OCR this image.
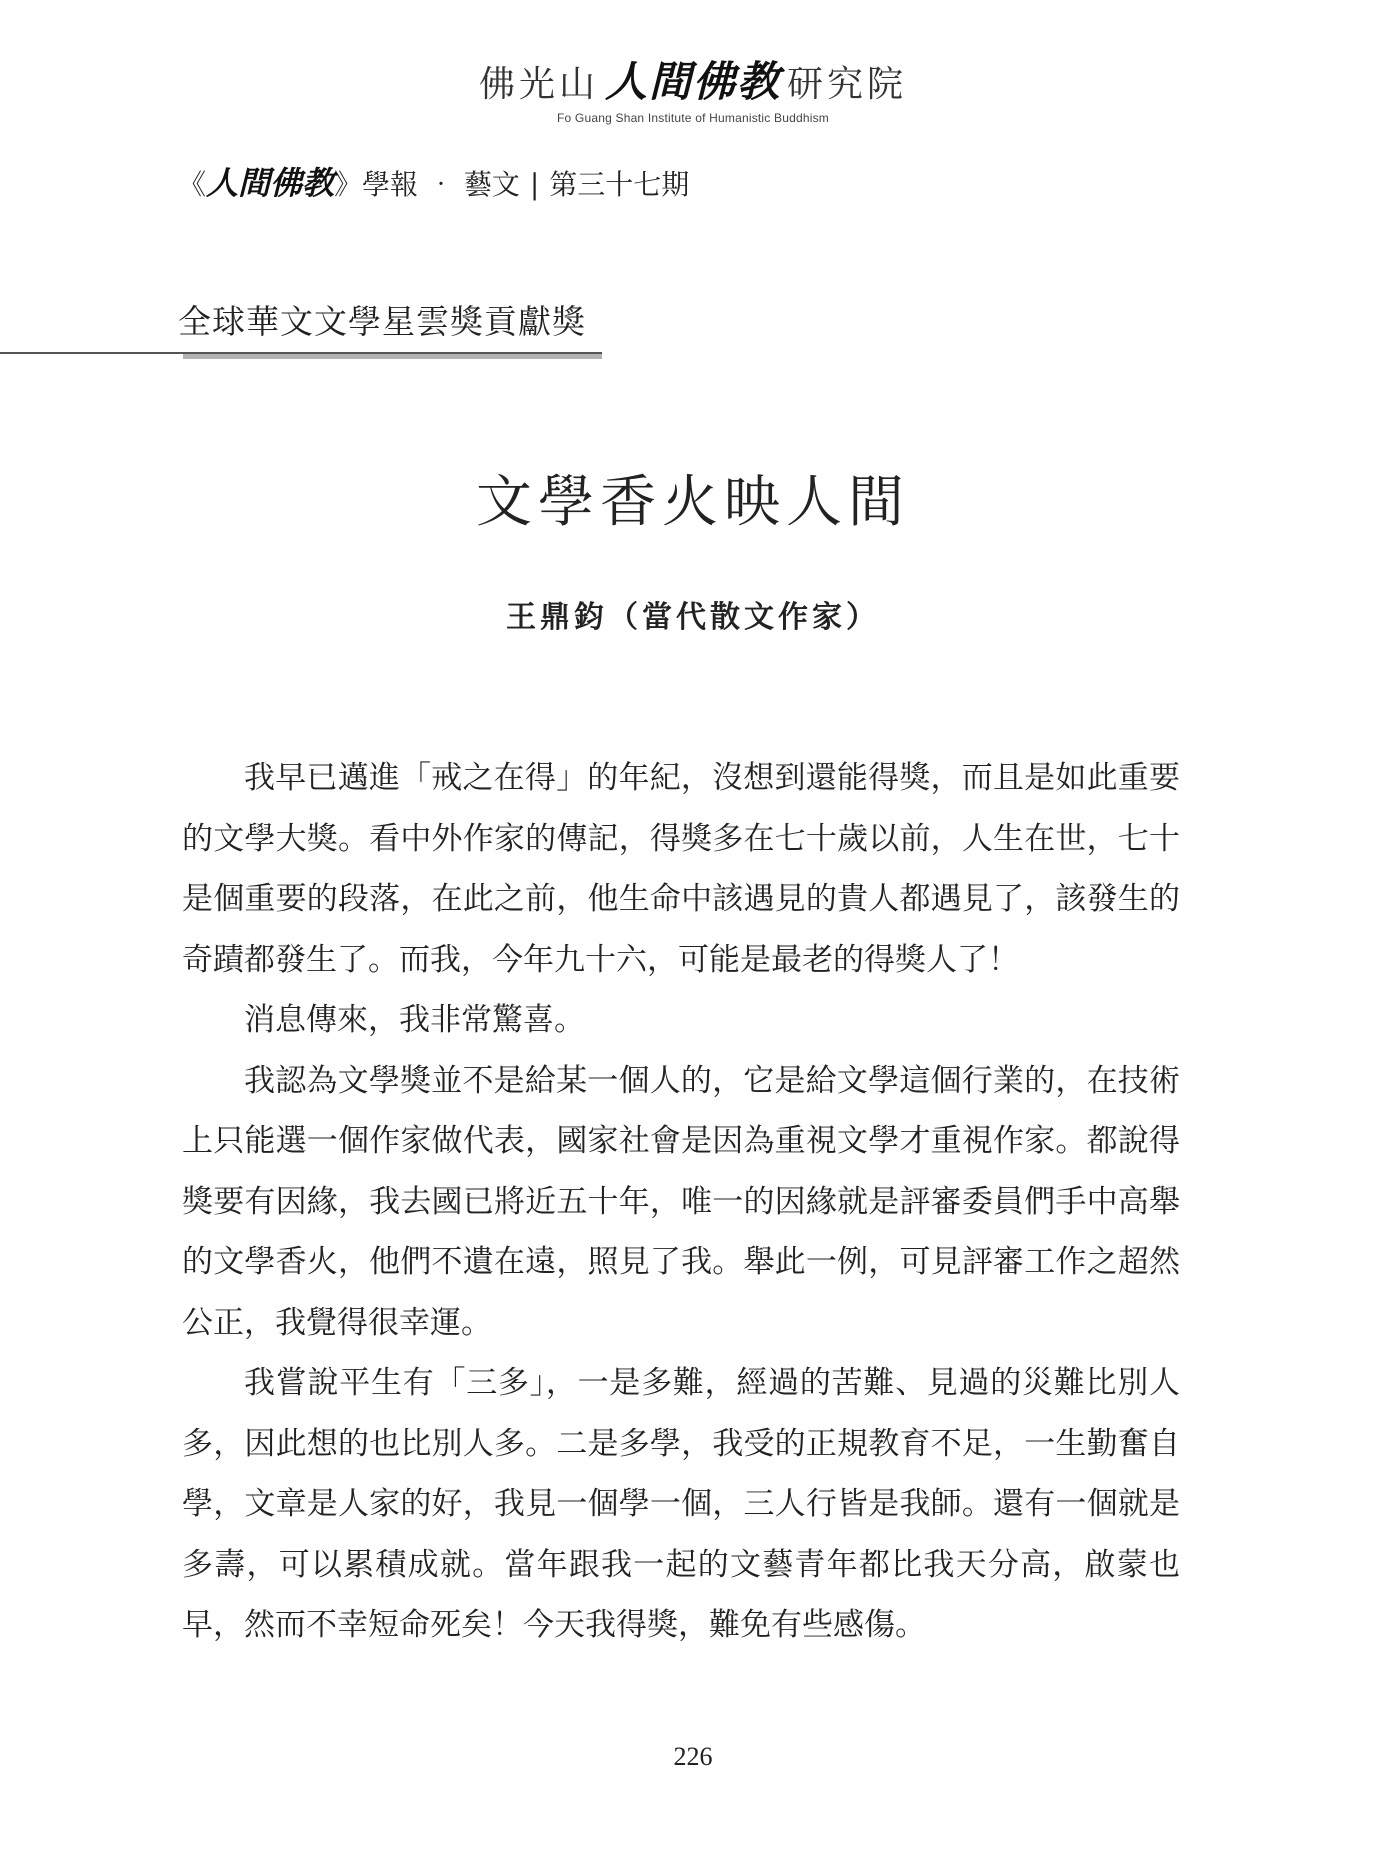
佛光山 人間佛教 研究院
Fo Guang Shan Institute of Humanistic Buddhism
《人間佛教》學報 ‧ 藝文 | 第三十七期
全球華文文學星雲獎貢獻獎
文學香火映人間
王鼎鈞（當代散文作家）

我早已邁進「戒之在得」的年紀，沒想到還能得獎，而且是如此重要的文學大獎。看中外作家的傳記，得獎多在七十歲以前，人生在世，七十是個重要的段落，在此之前，他生命中該遇見的貴人都遇見了，該發生的奇蹟都發生了。而我，今年九十六，可能是最老的得獎人了！

消息傳來，我非常驚喜。

我認為文學獎並不是給某一個人的，它是給文學這個行業的，在技術上只能選一個作家做代表，國家社會是因為重視文學才重視作家。都說得獎要有因緣，我去國已將近五十年，唯一的因緣就是評審委員們手中高舉的文學香火，他們不遺在遠，照見了我。舉此一例，可見評審工作之超然公正，我覺得很幸運。

我嘗說平生有「三多」，一是多難，經過的苦難、見過的災難比別人多，因此想的也比別人多。二是多學，我受的正規教育不足，一生勤奮自學，文章是人家的好，我見一個學一個，三人行皆是我師。還有一個就是多壽，可以累積成就。當年跟我一起的文藝青年都比我天分高，啟蒙也早，然而不幸短命死矣！今天我得獎，難免有些感傷。

226
